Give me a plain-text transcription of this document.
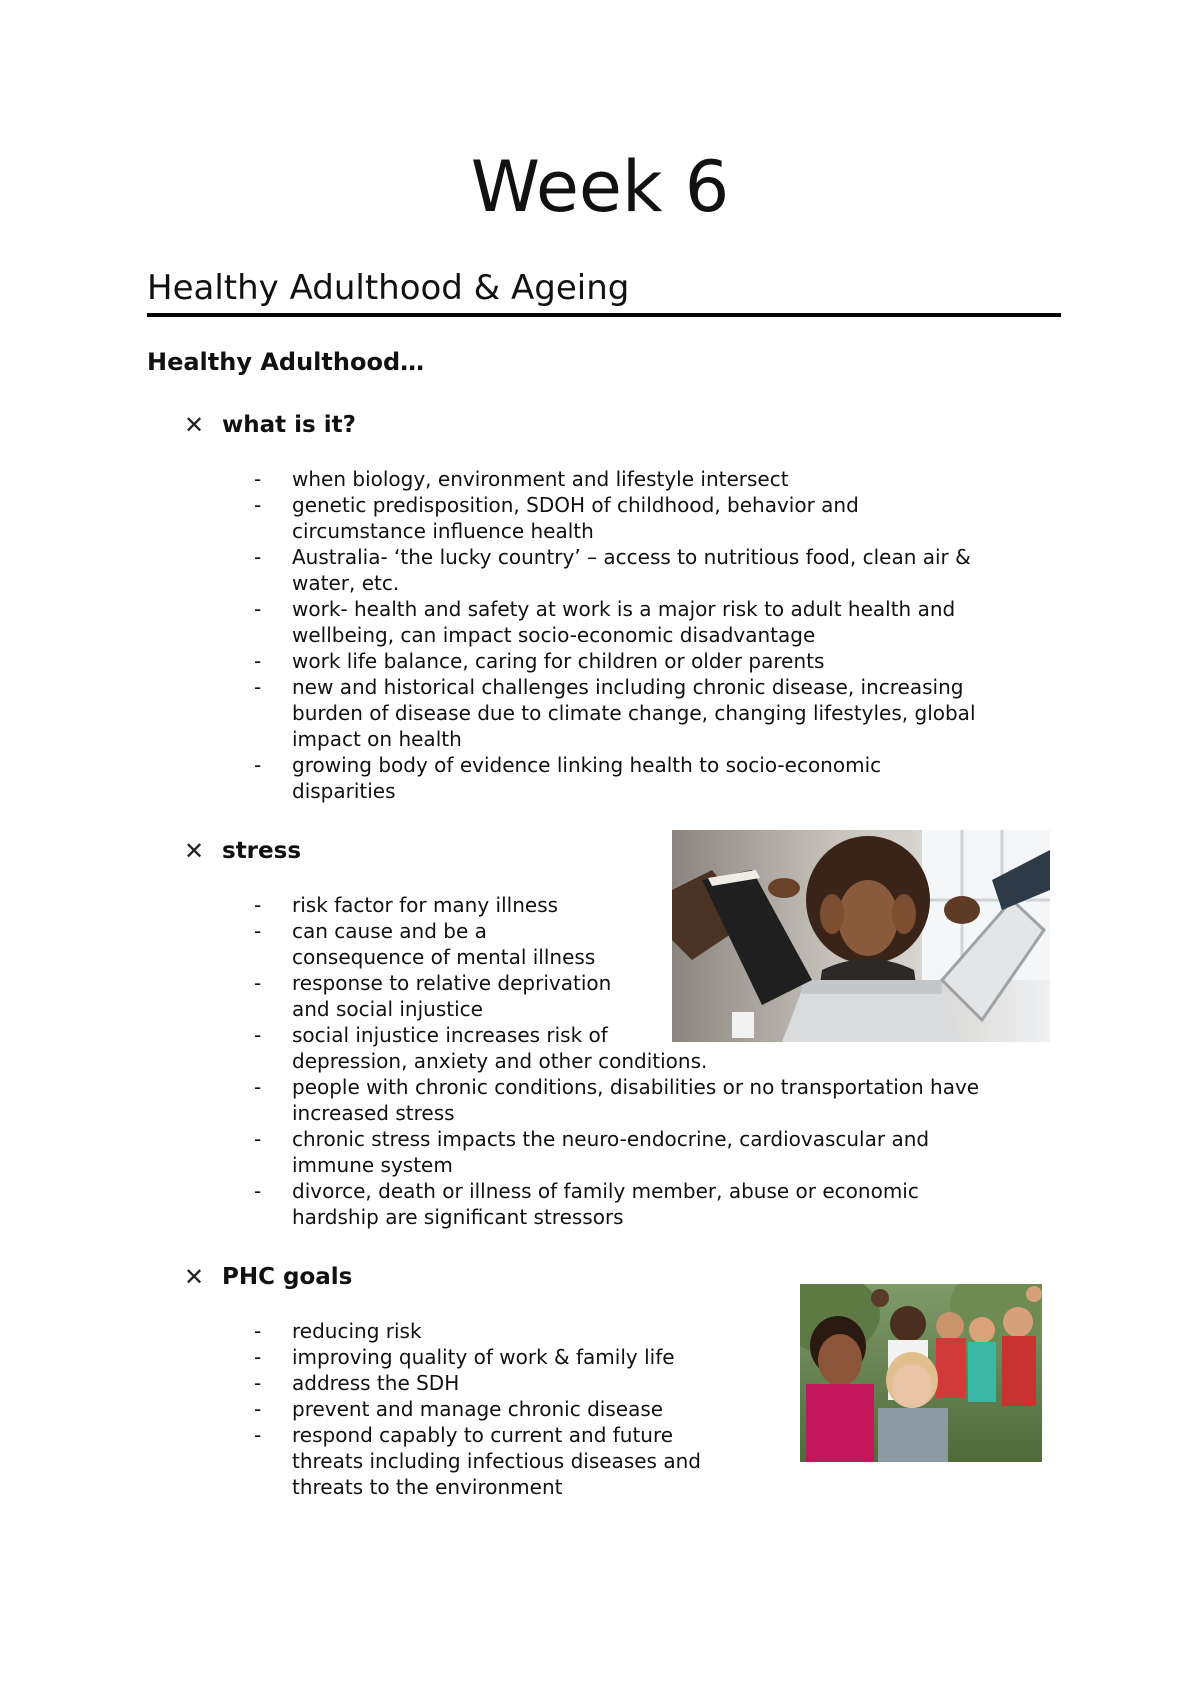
Week 6
Healthy Adulthood & Ageing
Healthy Adulthood…
✕ what is it?
- when biology, environment and lifestyle intersect
- genetic predisposition, SDOH of childhood, behavior and
circumstance influence health
- Australia- ‘the lucky country’ – access to nutritious food, clean air &
water, etc.
- work- health and safety at work is a major risk to adult health and
wellbeing, can impact socio-economic disadvantage
- work life balance, caring for children or older parents
- new and historical challenges including chronic disease, increasing
burden of disease due to climate change, changing lifestyles, global
impact on health
- growing body of evidence linking health to socio-economic
disparities
✕ stress
- risk factor for many illness
- can cause and be a
consequence of mental illness
- response to relative deprivation
and social injustice
- social injustice increases risk of
depression, anxiety and other conditions.
- people with chronic conditions, disabilities or no transportation have
increased stress
- chronic stress impacts the neuro-endocrine, cardiovascular and
immune system
- divorce, death or illness of family member, abuse or economic
hardship are significant stressors
✕ PHC goals
- reducing risk
- improving quality of work & family life
- address the SDH
- prevent and manage chronic disease
- respond capably to current and future
threats including infectious diseases and
threats to the environment
